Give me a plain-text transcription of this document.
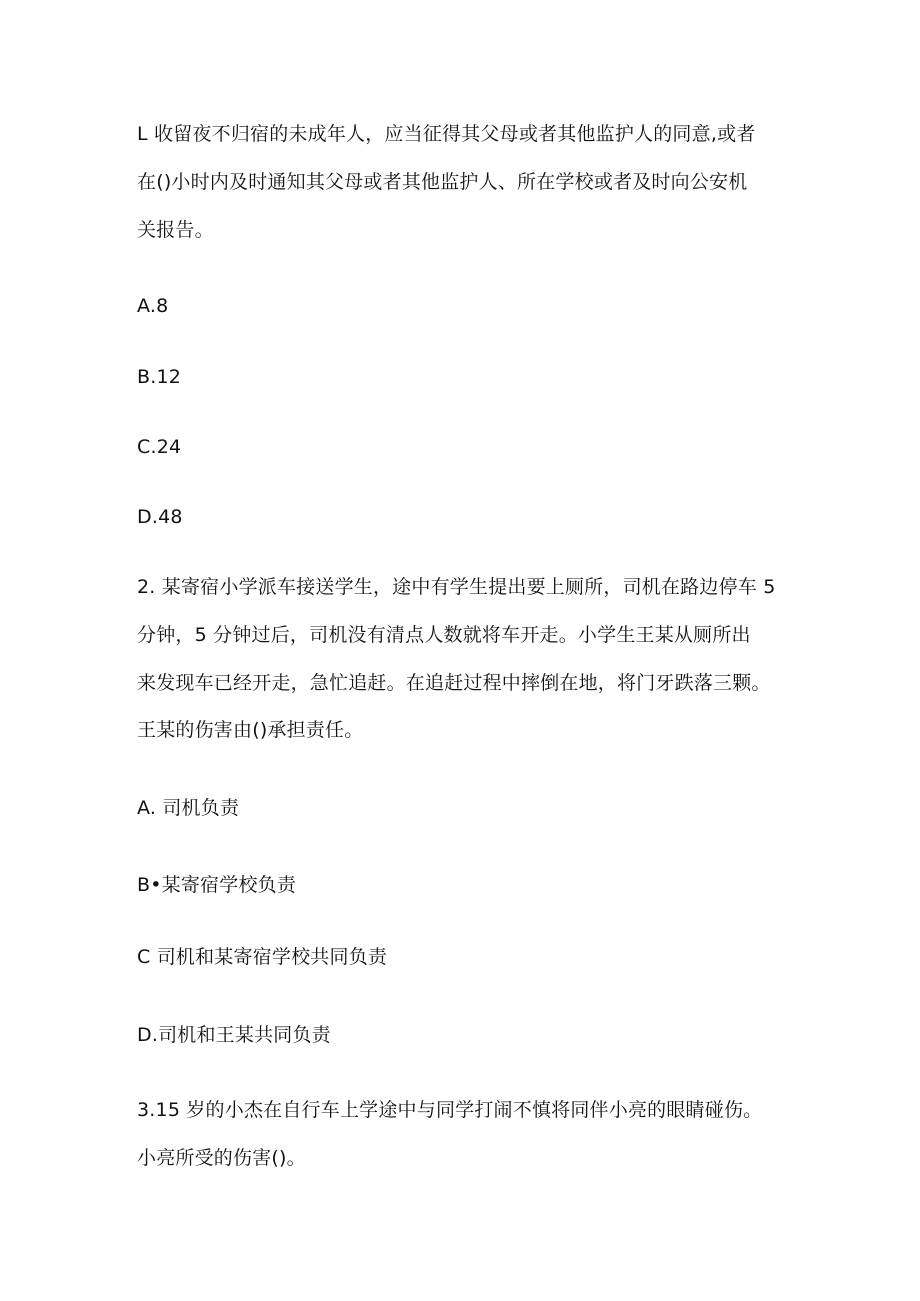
L 收留夜不归宿的未成年人，应当征得其父母或者其他监护人的同意,或者
在()小时内及时通知其父母或者其他监护人、所在学校或者及时向公安机
关报告。
A.8
B.12
C.24
D.48
2. 某寄宿小学派车接送学生，途中有学生提出要上厕所，司机在路边停车 5
分钟，5 分钟过后，司机没有清点人数就将车开走。小学生王某从厕所出
来发现车已经开走，急忙追赶。在追赶过程中摔倒在地，将门牙跌落三颗。
王某的伤害由()承担责任。
A. 司机负责
B•某寄宿学校负责
C 司机和某寄宿学校共同负责
D.司机和王某共同负责
3.15 岁的小杰在自行车上学途中与同学打闹不慎将同伴小亮的眼睛碰伤。
小亮所受的伤害()。
